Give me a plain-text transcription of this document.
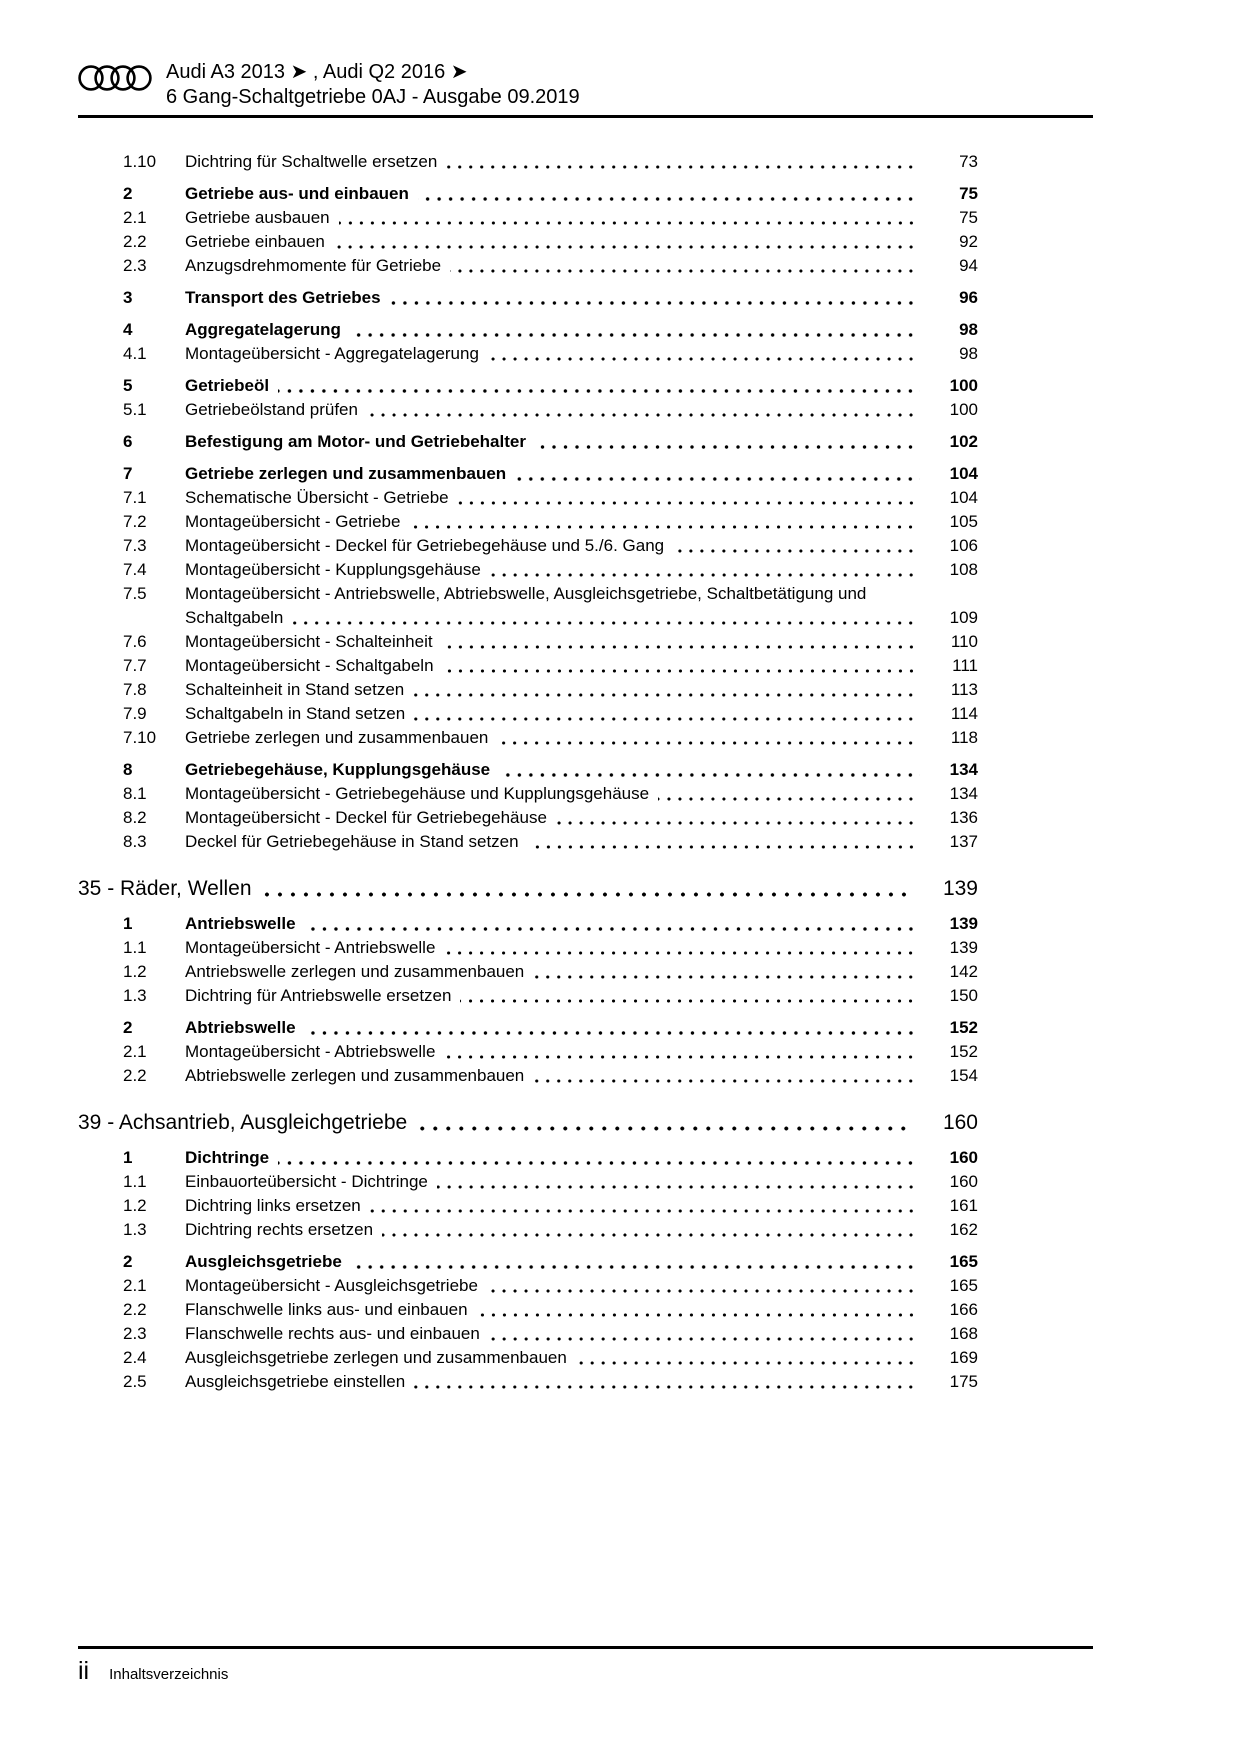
Audi A3 2013 ➤ , Audi Q2 2016 ➤
6 Gang-Schaltgetriebe 0AJ - Ausgabe 09.2019
1.10	Dichtring für Schaltwelle ersetzen	73
2	Getriebe aus- und einbauen	75
2.1	Getriebe ausbauen	75
2.2	Getriebe einbauen	92
2.3	Anzugsdrehmomente für Getriebe	94
3	Transport des Getriebes	96
4	Aggregatelagerung	98
4.1	Montageübersicht - Aggregatelagerung	98
5	Getriebeöl	100
5.1	Getriebeölstand prüfen	100
6	Befestigung am Motor- und Getriebehalter	102
7	Getriebe zerlegen und zusammenbauen	104
7.1	Schematische Übersicht - Getriebe	104
7.2	Montageübersicht - Getriebe	105
7.3	Montageübersicht - Deckel für Getriebegehäuse und 5./6. Gang	106
7.4	Montageübersicht - Kupplungsgehäuse	108
7.5	Montageübersicht - Antriebswelle, Abtriebswelle, Ausgleichsgetriebe, Schaltbetätigung und
Schaltgabeln	109
7.6	Montageübersicht - Schalteinheit	110
7.7	Montageübersicht - Schaltgabeln	111
7.8	Schalteinheit in Stand setzen	113
7.9	Schaltgabeln in Stand setzen	114
7.10	Getriebe zerlegen und zusammenbauen	118
8	Getriebegehäuse, Kupplungsgehäuse	134
8.1	Montageübersicht - Getriebegehäuse und Kupplungsgehäuse	134
8.2	Montageübersicht - Deckel für Getriebegehäuse	136
8.3	Deckel für Getriebegehäuse in Stand setzen	137
35 - Räder, Wellen	139
1	Antriebswelle	139
1.1	Montageübersicht - Antriebswelle	139
1.2	Antriebswelle zerlegen und zusammenbauen	142
1.3	Dichtring für Antriebswelle ersetzen	150
2	Abtriebswelle	152
2.1	Montageübersicht - Abtriebswelle	152
2.2	Abtriebswelle zerlegen und zusammenbauen	154
39 - Achsantrieb, Ausgleichgetriebe	160
1	Dichtringe	160
1.1	Einbauorteübersicht - Dichtringe	160
1.2	Dichtring links ersetzen	161
1.3	Dichtring rechts ersetzen	162
2	Ausgleichsgetriebe	165
2.1	Montageübersicht - Ausgleichsgetriebe	165
2.2	Flanschwelle links aus- und einbauen	166
2.3	Flanschwelle rechts aus- und einbauen	168
2.4	Ausgleichsgetriebe zerlegen und zusammenbauen	169
2.5	Ausgleichsgetriebe einstellen	175
ii Inhaltsverzeichnis
